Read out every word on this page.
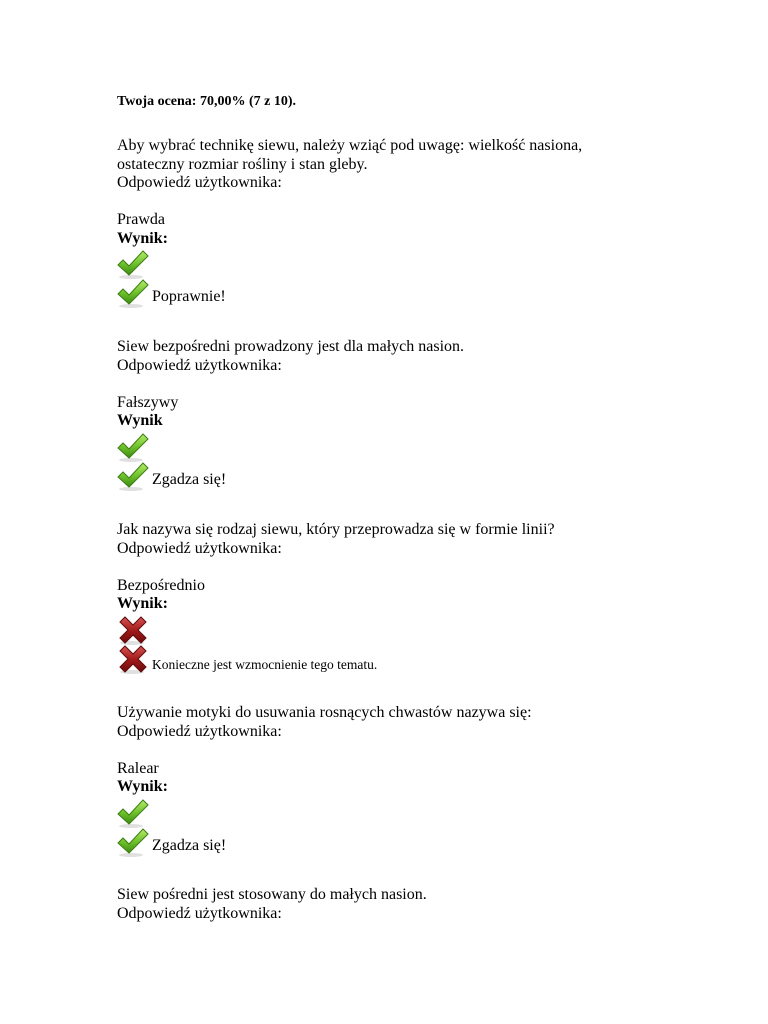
Twoja ocena: 70,00% (7 z 10).
Aby wybrać technikę siewu, należy wziąć pod uwagę: wielkość nasiona,
ostateczny rozmiar rośliny i stan gleby.
Odpowiedź użytkownika:
Prawda
Wynik:
Poprawnie!
Siew bezpośredni prowadzony jest dla małych nasion.
Odpowiedź użytkownika:
Fałszywy
Wynik
Zgadza się!
Jak nazywa się rodzaj siewu, który przeprowadza się w formie linii?
Odpowiedź użytkownika:
Bezpośrednio
Wynik:
Konieczne jest wzmocnienie tego tematu.
Używanie motyki do usuwania rosnących chwastów nazywa się:
Odpowiedź użytkownika:
Ralear
Wynik:
Zgadza się!
Siew pośredni jest stosowany do małych nasion.
Odpowiedź użytkownika:
